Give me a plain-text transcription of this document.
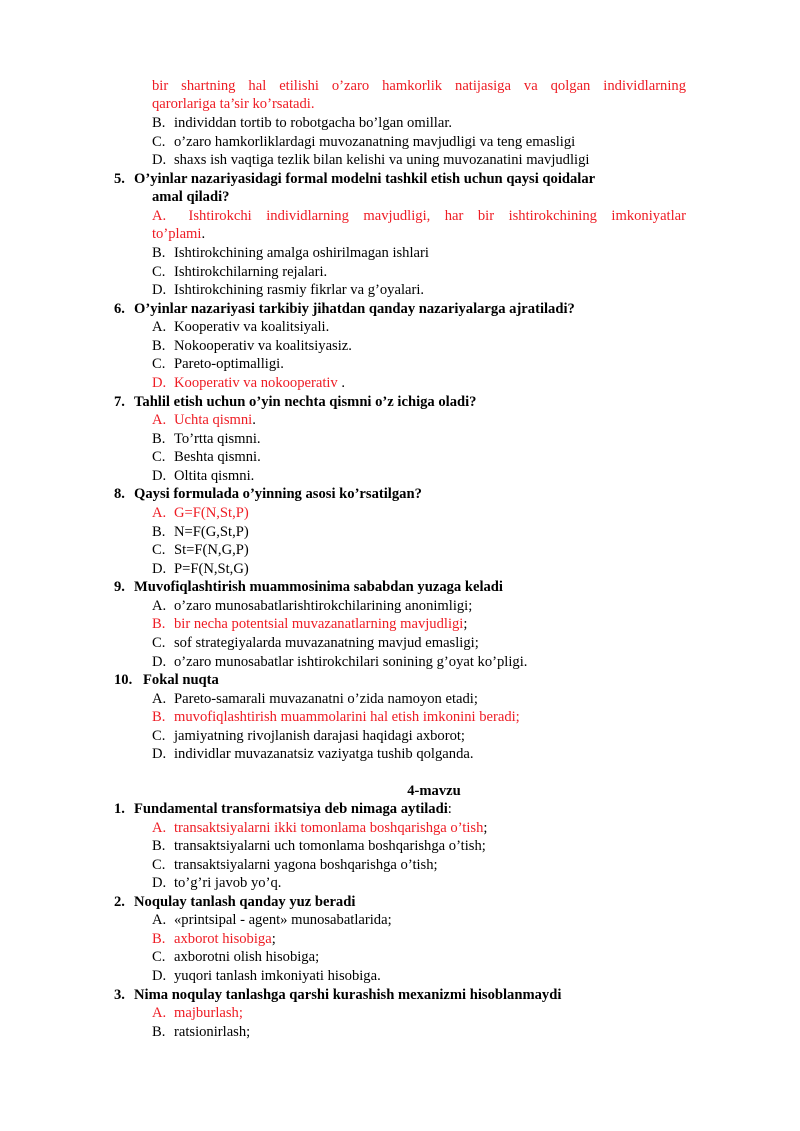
bir shartning hal etilishi o’zaro hamkorlik natijasiga va qolgan individlarning
qarorlariga ta’sir ko’rsatadi.
B. individdan tortib to robotgacha bo’lgan omillar.
C. o’zaro hamkorliklardagi muvozanatning mavjudligi va teng emasligi
D. shaxs ish vaqtiga tezlik bilan kelishi va uning muvozanatini mavjudligi
5. O’yinlar nazariyasidagi formal modelni tashkil etish uchun qaysi qoidalar
amal qiladi?
A. Ishtirokchi individlarning mavjudligi, har bir ishtirokchining imkoniyatlar
to’plami.
B. Ishtirokchining amalga oshirilmagan ishlari
C. Ishtirokchilarning rejalari.
D. Ishtirokchining rasmiy fikrlar va g’oyalari.
6. O’yinlar nazariyasi tarkibiy jihatdan qanday nazariyalarga ajratiladi?
A. Kooperativ va koalitsiyali.
B. Nokooperativ va koalitsiyasiz.
C. Pareto-optimalligi.
D. Kooperativ va nokooperativ .
7. Tahlil etish uchun o’yin nechta qismni o’z ichiga oladi?
A. Uchta qismni.
B. To’rtta qismni.
C. Beshta qismni.
D. Oltita qismni.
8. Qaysi formulada o’yinning asosi ko’rsatilgan?
A. G=F(N,St,P)
B. N=F(G,St,P)
C. St=F(N,G,P)
D. P=F(N,St,G)
9. Muvofiqlashtirish muammosinima sababdan yuzaga keladi
A. o’zaro munosabatlarishtirokchilarining anonimligi;
B. bir necha potentsial muvazanatlarning mavjudligi;
C. sof strategiyalarda muvazanatning mavjud emasligi;
D. o’zaro munosabatlar ishtirokchilari sonining g’oyat ko’pligi.
10. Fokal nuqta
A. Pareto-samarali muvazanatni o’zida namoyon etadi;
B. muvofiqlashtirish muammolarini hal etish imkonini beradi;
C. jamiyatning rivojlanish darajasi haqidagi axborot;
D. individlar muvazanatsiz vaziyatga tushib qolganda.
4-mavzu
1. Fundamental transformatsiya deb nimaga aytiladi:
A. transaktsiyalarni ikki tomonlama boshqarishga o’tish;
B. transaktsiyalarni uch tomonlama boshqarishga o’tish;
C. transaktsiyalarni yagona boshqarishga o’tish;
D. to’g’ri javob yo’q.
2. Noqulay tanlash qanday yuz beradi
A. «printsipal - agent» munosabatlarida;
B. axborot hisobiga;
C. axborotni olish hisobiga;
D. yuqori tanlash imkoniyati hisobiga.
3. Nima noqulay tanlashga qarshi kurashish mexanizmi hisoblanmaydi
A. majburlash;
B. ratsionirlash;
